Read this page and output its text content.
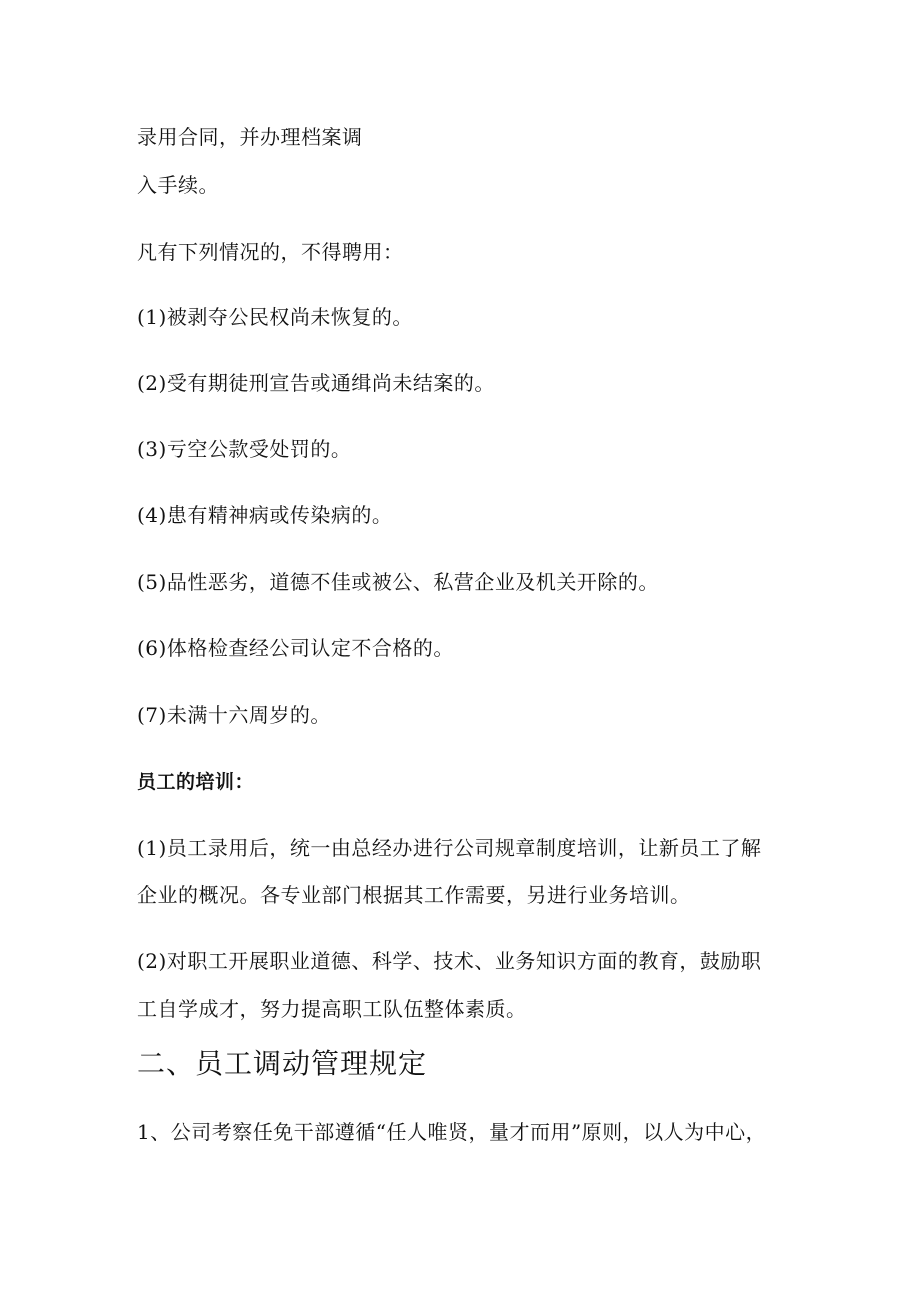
录用合同，并办理档案调
入手续。
凡有下列情况的，不得聘用：
(1)被剥夺公民权尚未恢复的。
(2)受有期徒刑宣告或通缉尚未结案的。
(3)亏空公款受处罚的。
(4)患有精神病或传染病的。
(5)品性恶劣，道德不佳或被公、私营企业及机关开除的。
(6)体格检查经公司认定不合格的。
(7)未满十六周岁的。
员工的培训：
(1)员工录用后，统一由总经办进行公司规章制度培训，让新员工了解
企业的概况。各专业部门根据其工作需要，另进行业务培训。
(2)对职工开展职业道德、科学、技术、业务知识方面的教育，鼓励职
工自学成才，努力提高职工队伍整体素质。
二、员工调动管理规定
1、公司考察任免干部遵循“任人唯贤，量才而用”原则，以人为中心，
